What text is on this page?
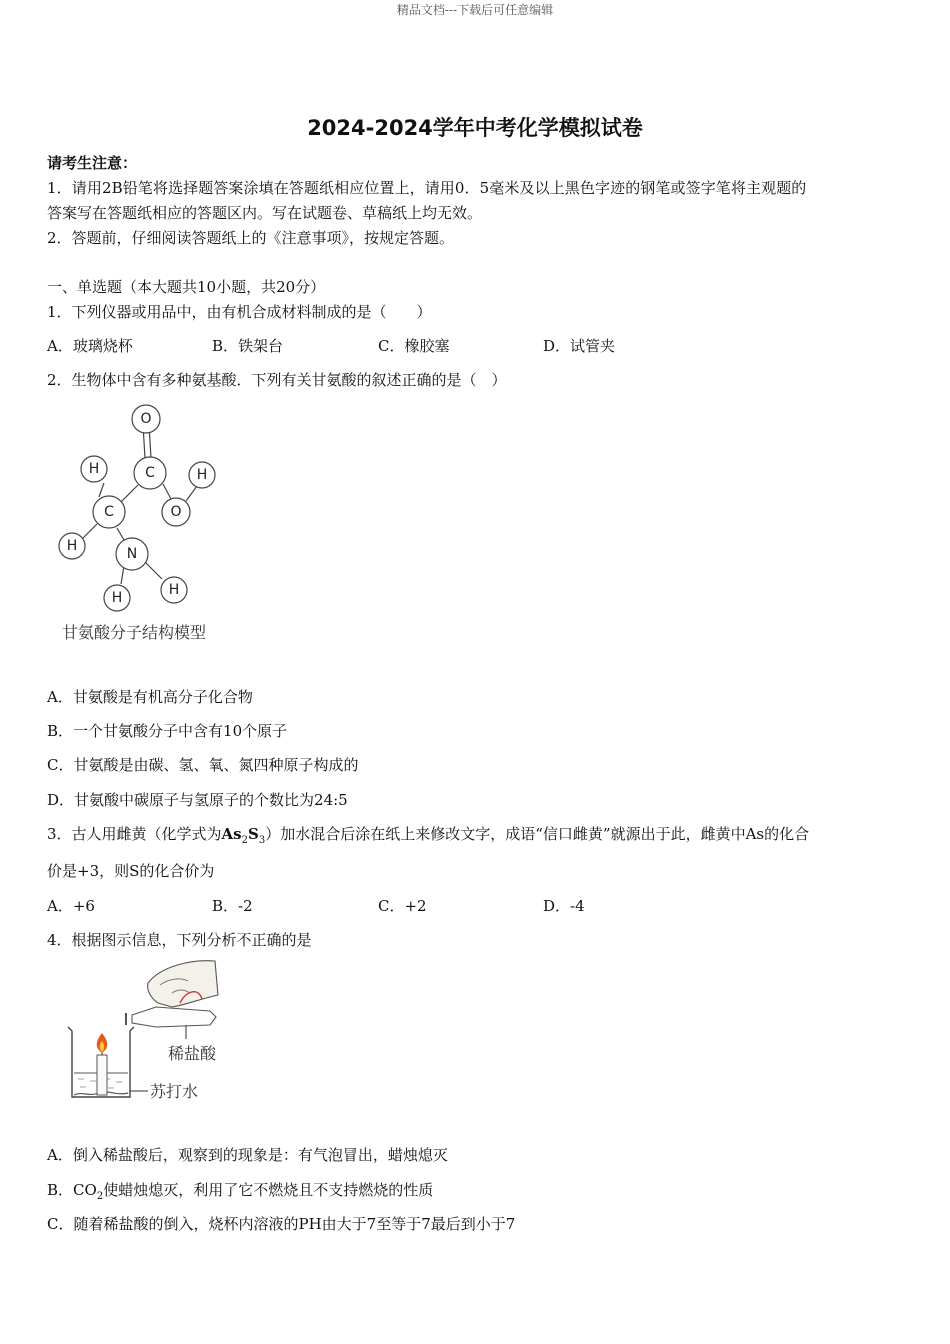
精品文档---下载后可任意编辑
2024-2024学年中考化学模拟试卷
请考生注意：
1．请用2B铅笔将选择题答案涂填在答题纸相应位置上，请用0．5毫米及以上黑色字迹的钢笔或签字笔将主观题的
答案写在答题纸相应的答题区内。写在试题卷、草稿纸上均无效。
2．答题前，仔细阅读答题纸上的《注意事项》，按规定答题。
一、单选题（本大题共10小题，共20分）
1．下列仪器或用品中，由有机合成材料制成的是（　　）
A．玻璃烧杯	B．铁架台	C．橡胶塞	D．试管夹
2．生物体中含有多种氨基酸．下列有关甘氨酸的叙述正确的是（　）
O
C
H	H
C	O
H	N
H
H
甘氨酸分子结构模型
A．甘氨酸是有机高分子化合物
B．一个甘氨酸分子中含有10个原子
C．甘氨酸是由碳、氢、氧、氮四种原子构成的
D．甘氨酸中碳原子与氢原子的个数比为24:5
3．古人用雌黄（化学式为$As_2S_3$）加水混合后涂在纸上来修改文字，成语“信口雌黄”就源出于此，雌黄中As的化合
价是+3，则S的化合价为
A．+6	B．-2	C．+2	D．-4
4．根据图示信息，下列分析不正确的是
稀盐酸
苏打水
A．倒入稀盐酸后，观察到的现象是：有气泡冒出，蜡烛熄灭
B．$CO_2$使蜡烛熄灭，利用了它不燃烧且不支持燃烧的性质
C．随着稀盐酸的倒入，烧杯内溶液的PH由大于7至等于7最后到小于7
